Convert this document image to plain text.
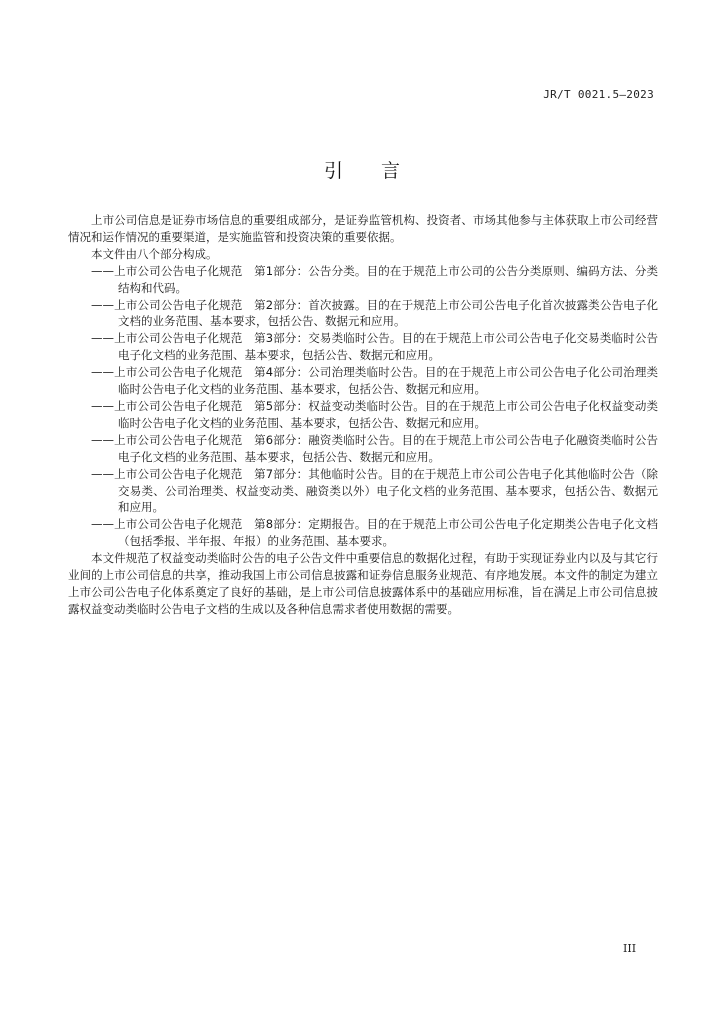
JR/T 0021.5—2023
引言

上市公司信息是证券市场信息的重要组成部分，是证券监管机构、投资者、市场其他参与主体获取上市公司经营情况和运作情况的重要渠道，是实施监管和投资决策的重要依据。

本文件由八个部分构成。

——上市公司公告电子化规范　第1部分：公告分类。目的在于规范上市公司的公告分类原则、编码方法、分类结构和代码。

——上市公司公告电子化规范　第2部分：首次披露。目的在于规范上市公司公告电子化首次披露类公告电子化文档的业务范围、基本要求，包括公告、数据元和应用。

——上市公司公告电子化规范　第3部分：交易类临时公告。目的在于规范上市公司公告电子化交易类临时公告电子化文档的业务范围、基本要求，包括公告、数据元和应用。

——上市公司公告电子化规范　第4部分：公司治理类临时公告。目的在于规范上市公司公告电子化公司治理类临时公告电子化文档的业务范围、基本要求，包括公告、数据元和应用。

——上市公司公告电子化规范　第5部分：权益变动类临时公告。目的在于规范上市公司公告电子化权益变动类临时公告电子化文档的业务范围、基本要求，包括公告、数据元和应用。

——上市公司公告电子化规范　第6部分：融资类临时公告。目的在于规范上市公司公告电子化融资类临时公告电子化文档的业务范围、基本要求，包括公告、数据元和应用。

——上市公司公告电子化规范　第7部分：其他临时公告。目的在于规范上市公司公告电子化其他临时公告（除交易类、公司治理类、权益变动类、融资类以外）电子化文档的业务范围、基本要求，包括公告、数据元和应用。

——上市公司公告电子化规范　第8部分：定期报告。目的在于规范上市公司公告电子化定期类公告电子化文档（包括季报、半年报、年报）的业务范围、基本要求。

本文件规范了权益变动类临时公告的电子公告文件中重要信息的数据化过程，有助于实现证券业内以及与其它行业间的上市公司信息的共享，推动我国上市公司信息披露和证券信息服务业规范、有序地发展。本文件的制定为建立上市公司公告电子化体系奠定了良好的基础，是上市公司信息披露体系中的基础应用标准，旨在满足上市公司信息披露权益变动类临时公告电子文档的生成以及各种信息需求者使用数据的需要。

III
